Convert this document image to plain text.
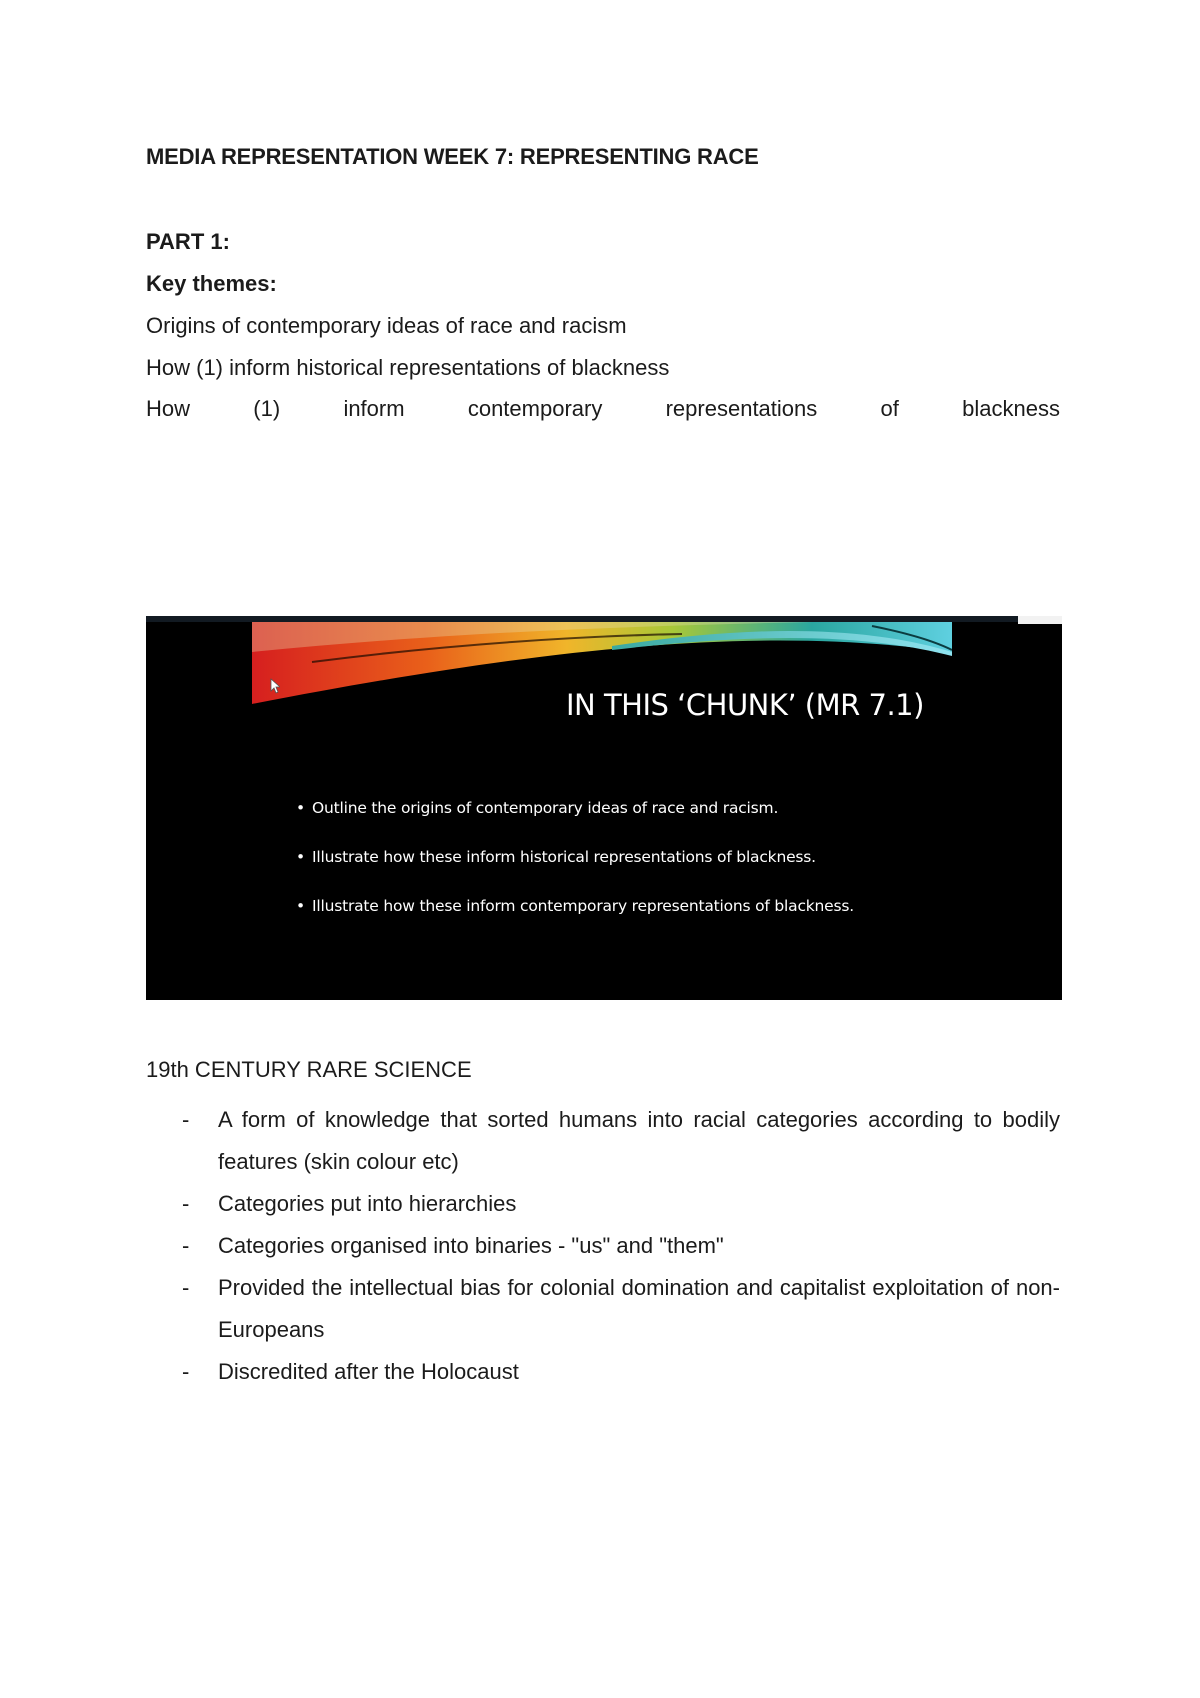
MEDIA REPRESENTATION WEEK 7: REPRESENTING RACE
PART 1:
Key themes:
Origins of contemporary ideas of race and racism
How (1) inform historical representations of blackness
How	(1)	inform	contemporary	representations	of	blackness
19th CENTURY RARE SCIENCE
- A form of knowledge that sorted humans into racial categories according to bodily features (skin colour etc)
- Categories put into hierarchies
- Categories organised into binaries - "us" and "them"
- Provided the intellectual bias for colonial domination and capitalist exploitation of non-Europeans
- Discredited after the Holocaust
IN THIS ‘CHUNK’ (MR 7.1)
• Outline the origins of contemporary ideas of race and racism.
• Illustrate how these inform historical representations of blackness.
• Illustrate how these inform contemporary representations of blackness.
